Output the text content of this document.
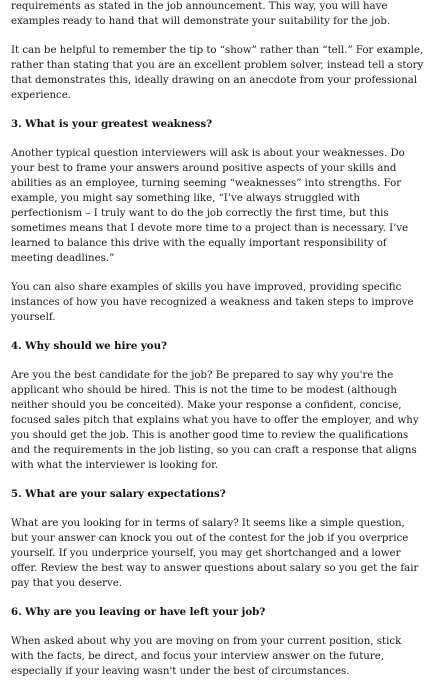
requirements as stated in the job announcement. This way, you will have examples ready to hand that will demonstrate your suitability for the job.

It can be helpful to remember the tip to “show” rather than “tell.” For example, rather than stating that you are an excellent problem solver, instead tell a story that demonstrates this, ideally drawing on an anecdote from your professional experience.

3. What is your greatest weakness?

Another typical question interviewers will ask is about your weaknesses. Do your best to frame your answers around positive aspects of your skills and abilities as an employee, turning seeming “weaknesses” into strengths. For example, you might say something like, “I’ve always struggled with perfectionism – I truly want to do the job correctly the first time, but this sometimes means that I devote more time to a project than is necessary. I’ve learned to balance this drive with the equally important responsibility of meeting deadlines.”

You can also share examples of skills you have improved, providing specific instances of how you have recognized a weakness and taken steps to improve yourself.

4. Why should we hire you?

Are you the best candidate for the job? Be prepared to say why you're the applicant who should be hired. This is not the time to be modest (although neither should you be conceited). Make your response a confident, concise, focused sales pitch that explains what you have to offer the employer, and why you should get the job. This is another good time to review the qualifications and the requirements in the job listing, so you can craft a response that aligns with what the interviewer is looking for.

5. What are your salary expectations?

What are you looking for in terms of salary? It seems like a simple question, but your answer can knock you out of the contest for the job if you overprice yourself. If you underprice yourself, you may get shortchanged and a lower offer. Review the best way to answer questions about salary so you get the fair pay that you deserve.

6. Why are you leaving or have left your job?

When asked about why you are moving on from your current position, stick with the facts, be direct, and focus your interview answer on the future, especially if your leaving wasn't under the best of circumstances.
